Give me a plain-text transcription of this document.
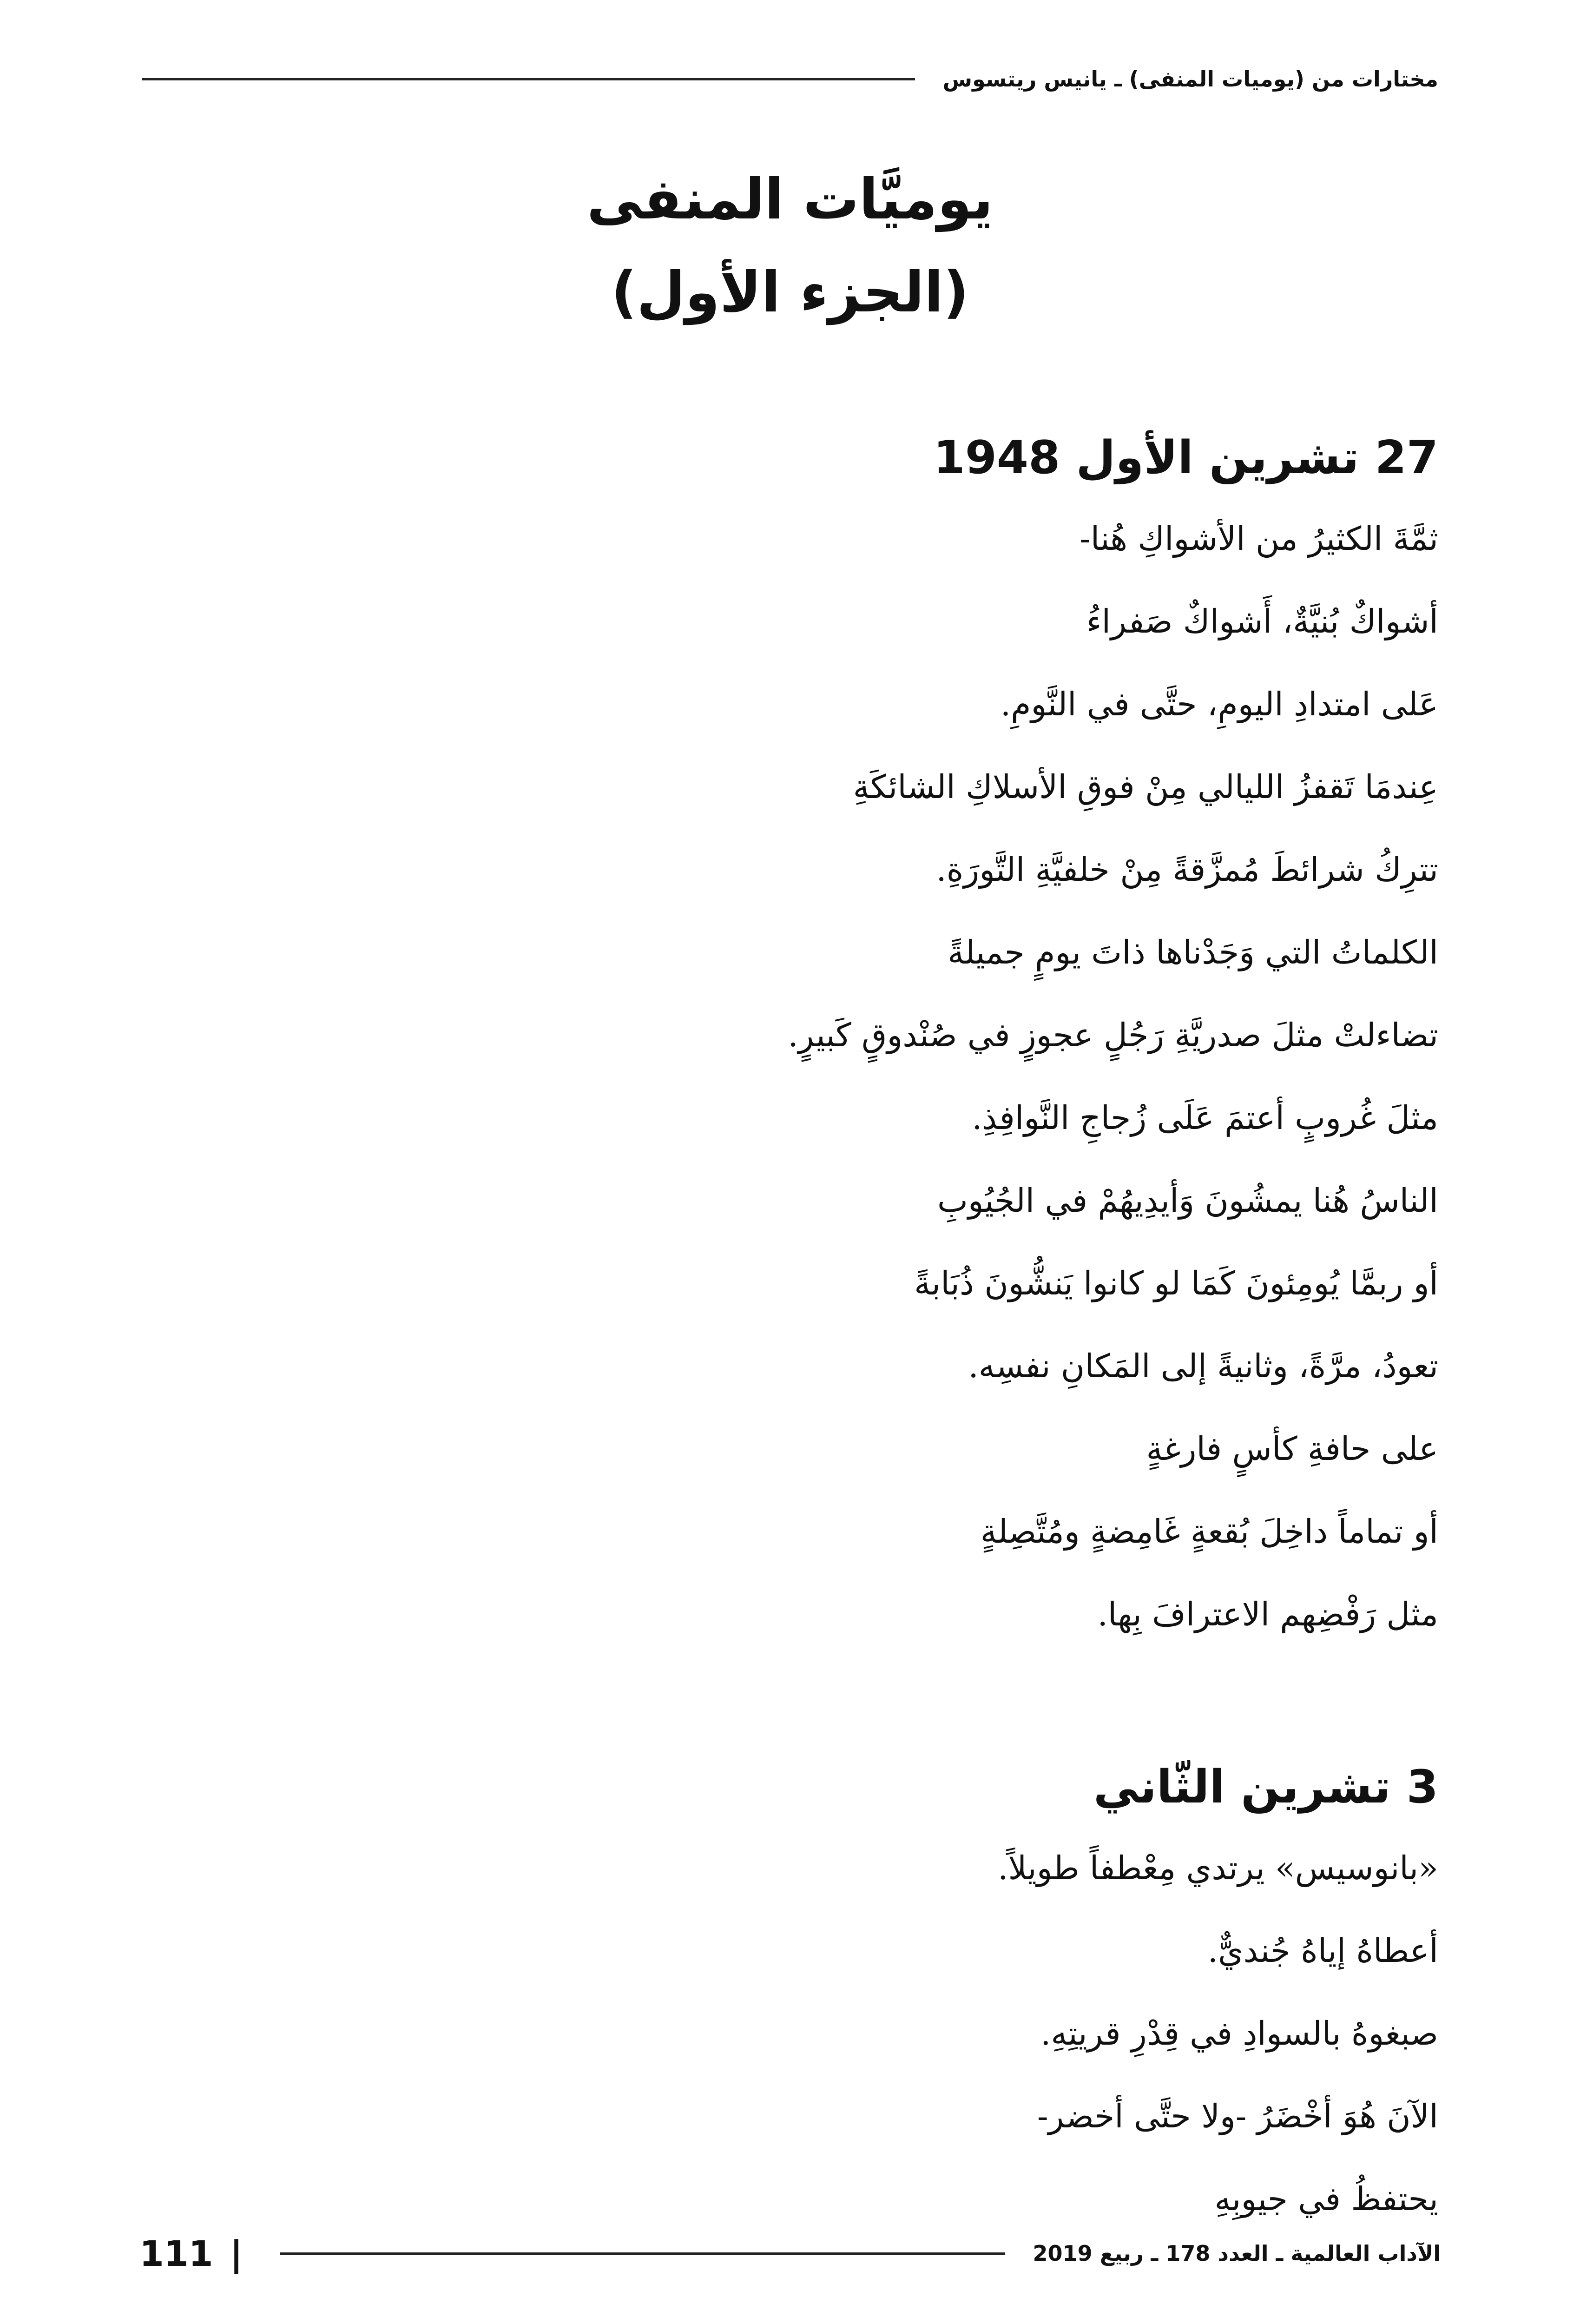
مختارات من (يوميات المنفى) ـ يانيس ريتسوس
يوميَّات المنفى
(الجزء الأول)
27 تشرين الأول 1948

ثمَّةَ الكثيرُ من الأشواكِ هُنا-

أشواكٌ بُنيَّةٌ، أَشواكٌ صَفراءُ

عَلى امتدادِ اليومِ، حتَّى في النَّومِ.

عِندمَا تَقفزُ الليالي مِنْ فوقِ الأسلاكِ الشائكَةِ

تترِكُ شرائطَ مُمزَّقةً مِنْ خلفيَّةِ التَّورَةِ.

الكلماتُ التي وَجَدْناها ذاتَ يومٍ جميلةً

تضاءلتْ مثلَ صدريَّةِ رَجُلٍ عجوزٍ في صُنْدوقٍ كَبيرٍ.

مثلَ غُروبٍ أعتمَ عَلَى زُجاجِ النَّوافِذِ.

الناسُ هُنا يمشُونَ وَأيدِيهُمْ في الجُيُوبِ

أو ربمَّا يُومِئونَ كَمَا لو كانوا يَنشُّونَ ذُبَابةً

تعودُ، مرَّةً، وثانيةً إلى المَكانِ نفسِه.

على حافةِ كأسٍ فارغةٍ

أو تماماً داخِلَ بُقعةٍ غَامِضةٍ ومُتَّصِلةٍ

مثل رَفْضِهم الاعترافَ بِها.

3 تشرين الثّاني

«بانوسيس» يرتدي مِعْطفاً طويلاً.

أعطاهُ إياهُ جُنديٌّ.

صبغوهُ بالسوادِ في قِدْرِ قريتِهِ.

الآنَ هُوَ أخْضَرُ -ولا حتَّى أخضر-

يحتفظُ في جيوبِهِ

الآداب العالمية ـ العدد 178 ـ ربيع 2019
|
111
